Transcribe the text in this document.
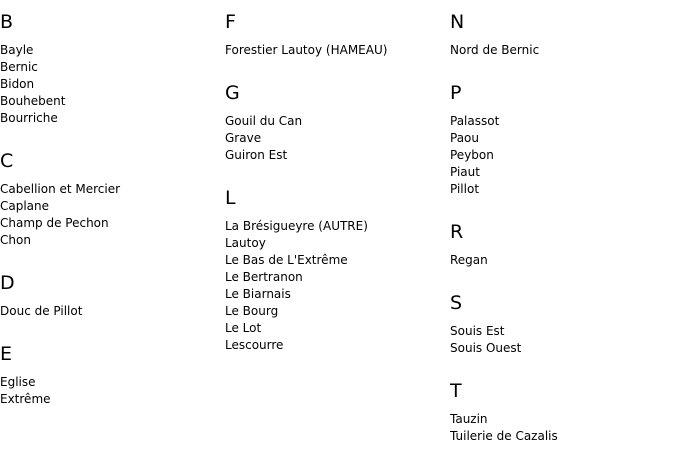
B
Bayle
Bernic
Bidon
Bouhebent
Bourriche
C
Cabellion et Mercier
Caplane
Champ de Pechon
Chon
D
Douc de Pillot
E
Eglise
Extrême
F
Forestier Lautoy (HAMEAU)
G
Gouil du Can
Grave
Guiron Est
L
La Brésigueyre (AUTRE)
Lautoy
Le Bas de L'Extrême
Le Bertranon
Le Biarnais
Le Bourg
Le Lot
Lescourre
N
Nord de Bernic
P
Palassot
Paou
Peybon
Piaut
Pillot
R
Regan
S
Souis Est
Souis Ouest
T
Tauzin
Tuilerie de Cazalis
